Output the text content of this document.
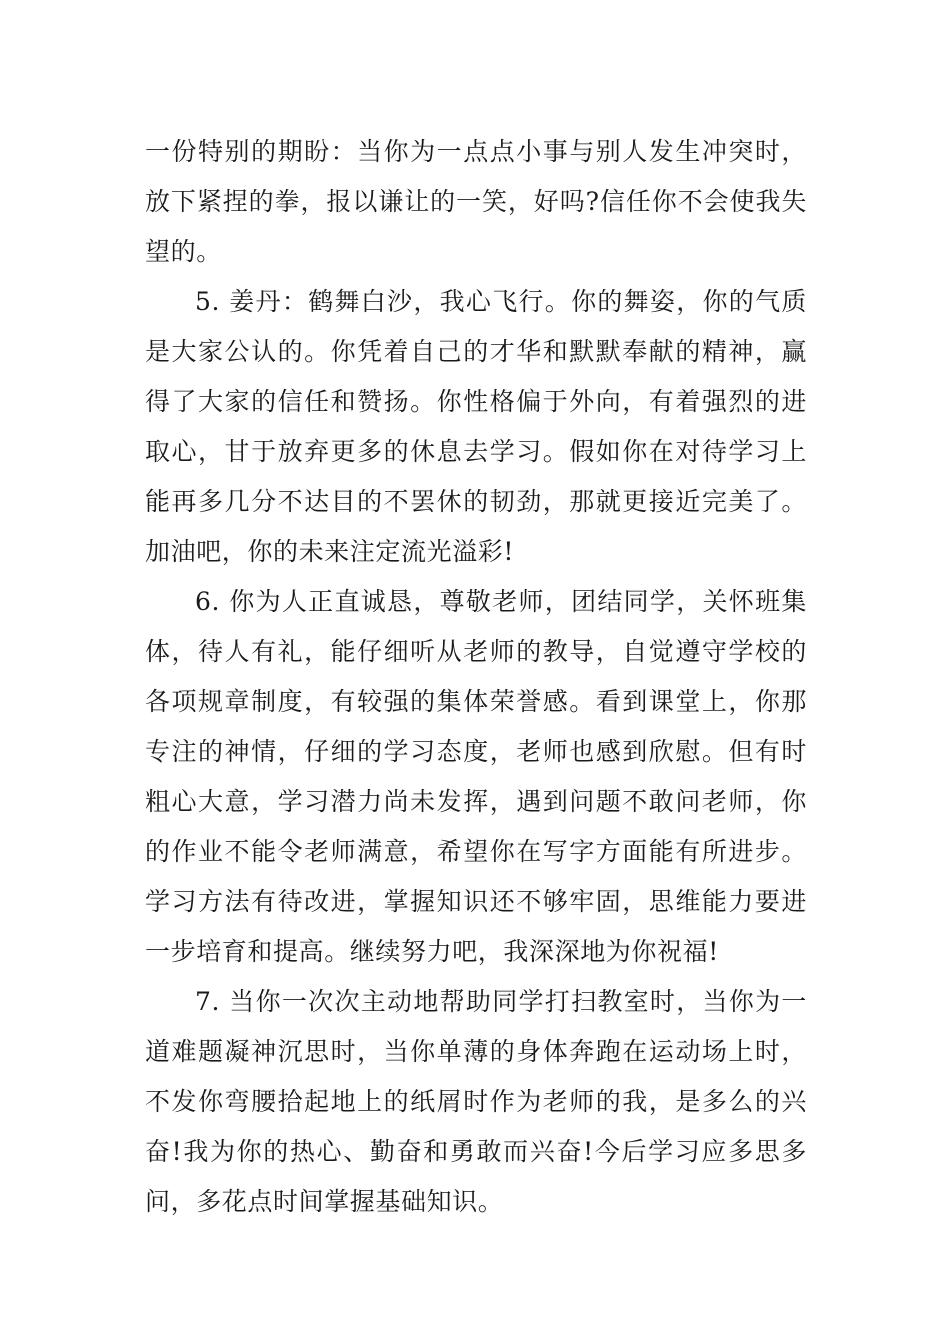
一份特别的期盼：当你为一点点小事与别人发生冲突时，放下紧捏的拳，报以谦让的一笑，好吗?信任你不会使我失望的。

5. 姜丹：鹤舞白沙，我心飞行。你的舞姿，你的气质是大家公认的。你凭着自己的才华和默默奉献的精神，赢得了大家的信任和赞扬。你性格偏于外向，有着强烈的进取心，甘于放弃更多的休息去学习。假如你在对待学习上能再多几分不达目的不罢休的韧劲，那就更接近完美了。加油吧，你的未来注定流光溢彩!

6. 你为人正直诚恳，尊敬老师，团结同学，关怀班集体，待人有礼，能仔细听从老师的教导，自觉遵守学校的各项规章制度，有较强的集体荣誉感。看到课堂上，你那专注的神情，仔细的学习态度，老师也感到欣慰。但有时粗心大意，学习潜力尚未发挥，遇到问题不敢问老师，你的作业不能令老师满意，希望你在写字方面能有所进步。学习方法有待改进，掌握知识还不够牢固，思维能力要进一步培育和提高。继续努力吧，我深深地为你祝福!

7. 当你一次次主动地帮助同学打扫教室时，当你为一道难题凝神沉思时，当你单薄的身体奔跑在运动场上时，不发你弯腰拾起地上的纸屑时作为老师的我，是多么的兴奋!我为你的热心、勤奋和勇敢而兴奋!今后学习应多思多问，多花点时间掌握基础知识。
